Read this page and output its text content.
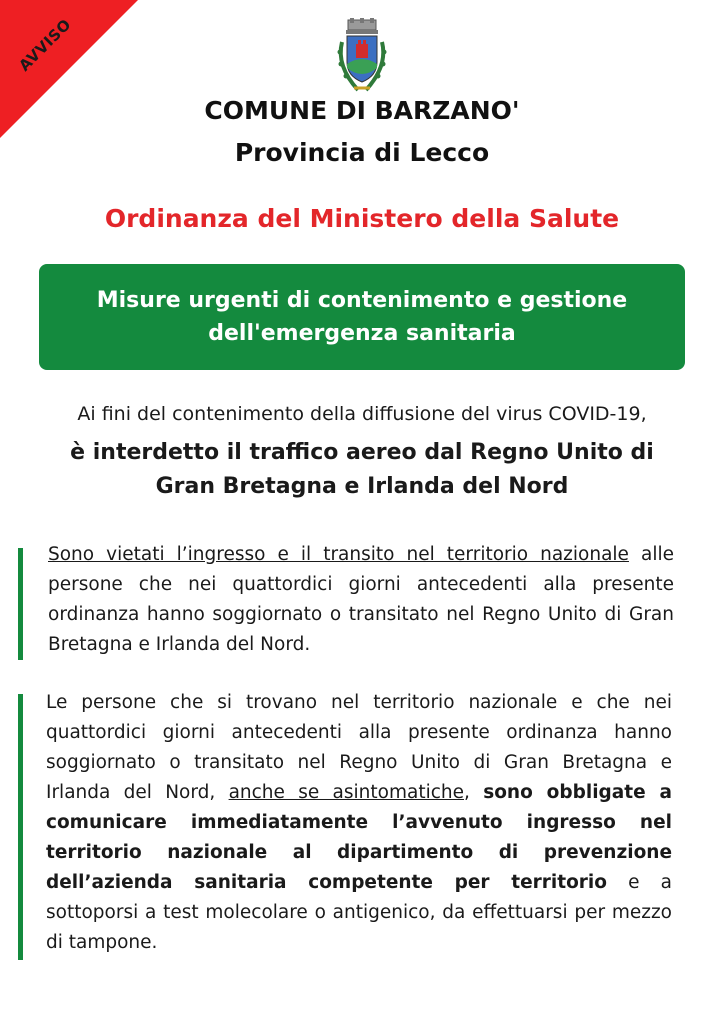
AVVISO
COMUNE DI BARZANO'
Provincia di Lecco
Ordinanza del Ministero della Salute
Misure urgenti di contenimento e gestione
dell'emergenza sanitaria
Ai fini del contenimento della diffusione del virus COVID-19,
è interdetto il traffico aereo dal Regno Unito di
Gran Bretagna e Irlanda del Nord
Sono vietati l’ingresso e il transito nel territorio nazionale alle persone che nei quattordici giorni antecedenti alla presente ordinanza hanno soggiornato o transitato nel Regno Unito di Gran Bretagna e Irlanda del Nord.
Le persone che si trovano nel territorio nazionale e che nei quattordici giorni antecedenti alla presente ordinanza hanno soggiornato o transitato nel Regno Unito di Gran Bretagna e Irlanda del Nord, anche se asintomatiche, sono obbligate a comunicare immediatamente l’avvenuto ingresso nel territorio nazionale al dipartimento di prevenzione dell’azienda sanitaria competente per territorio e a sottoporsi a test molecolare o antigenico, da effettuarsi per mezzo di tampone.
